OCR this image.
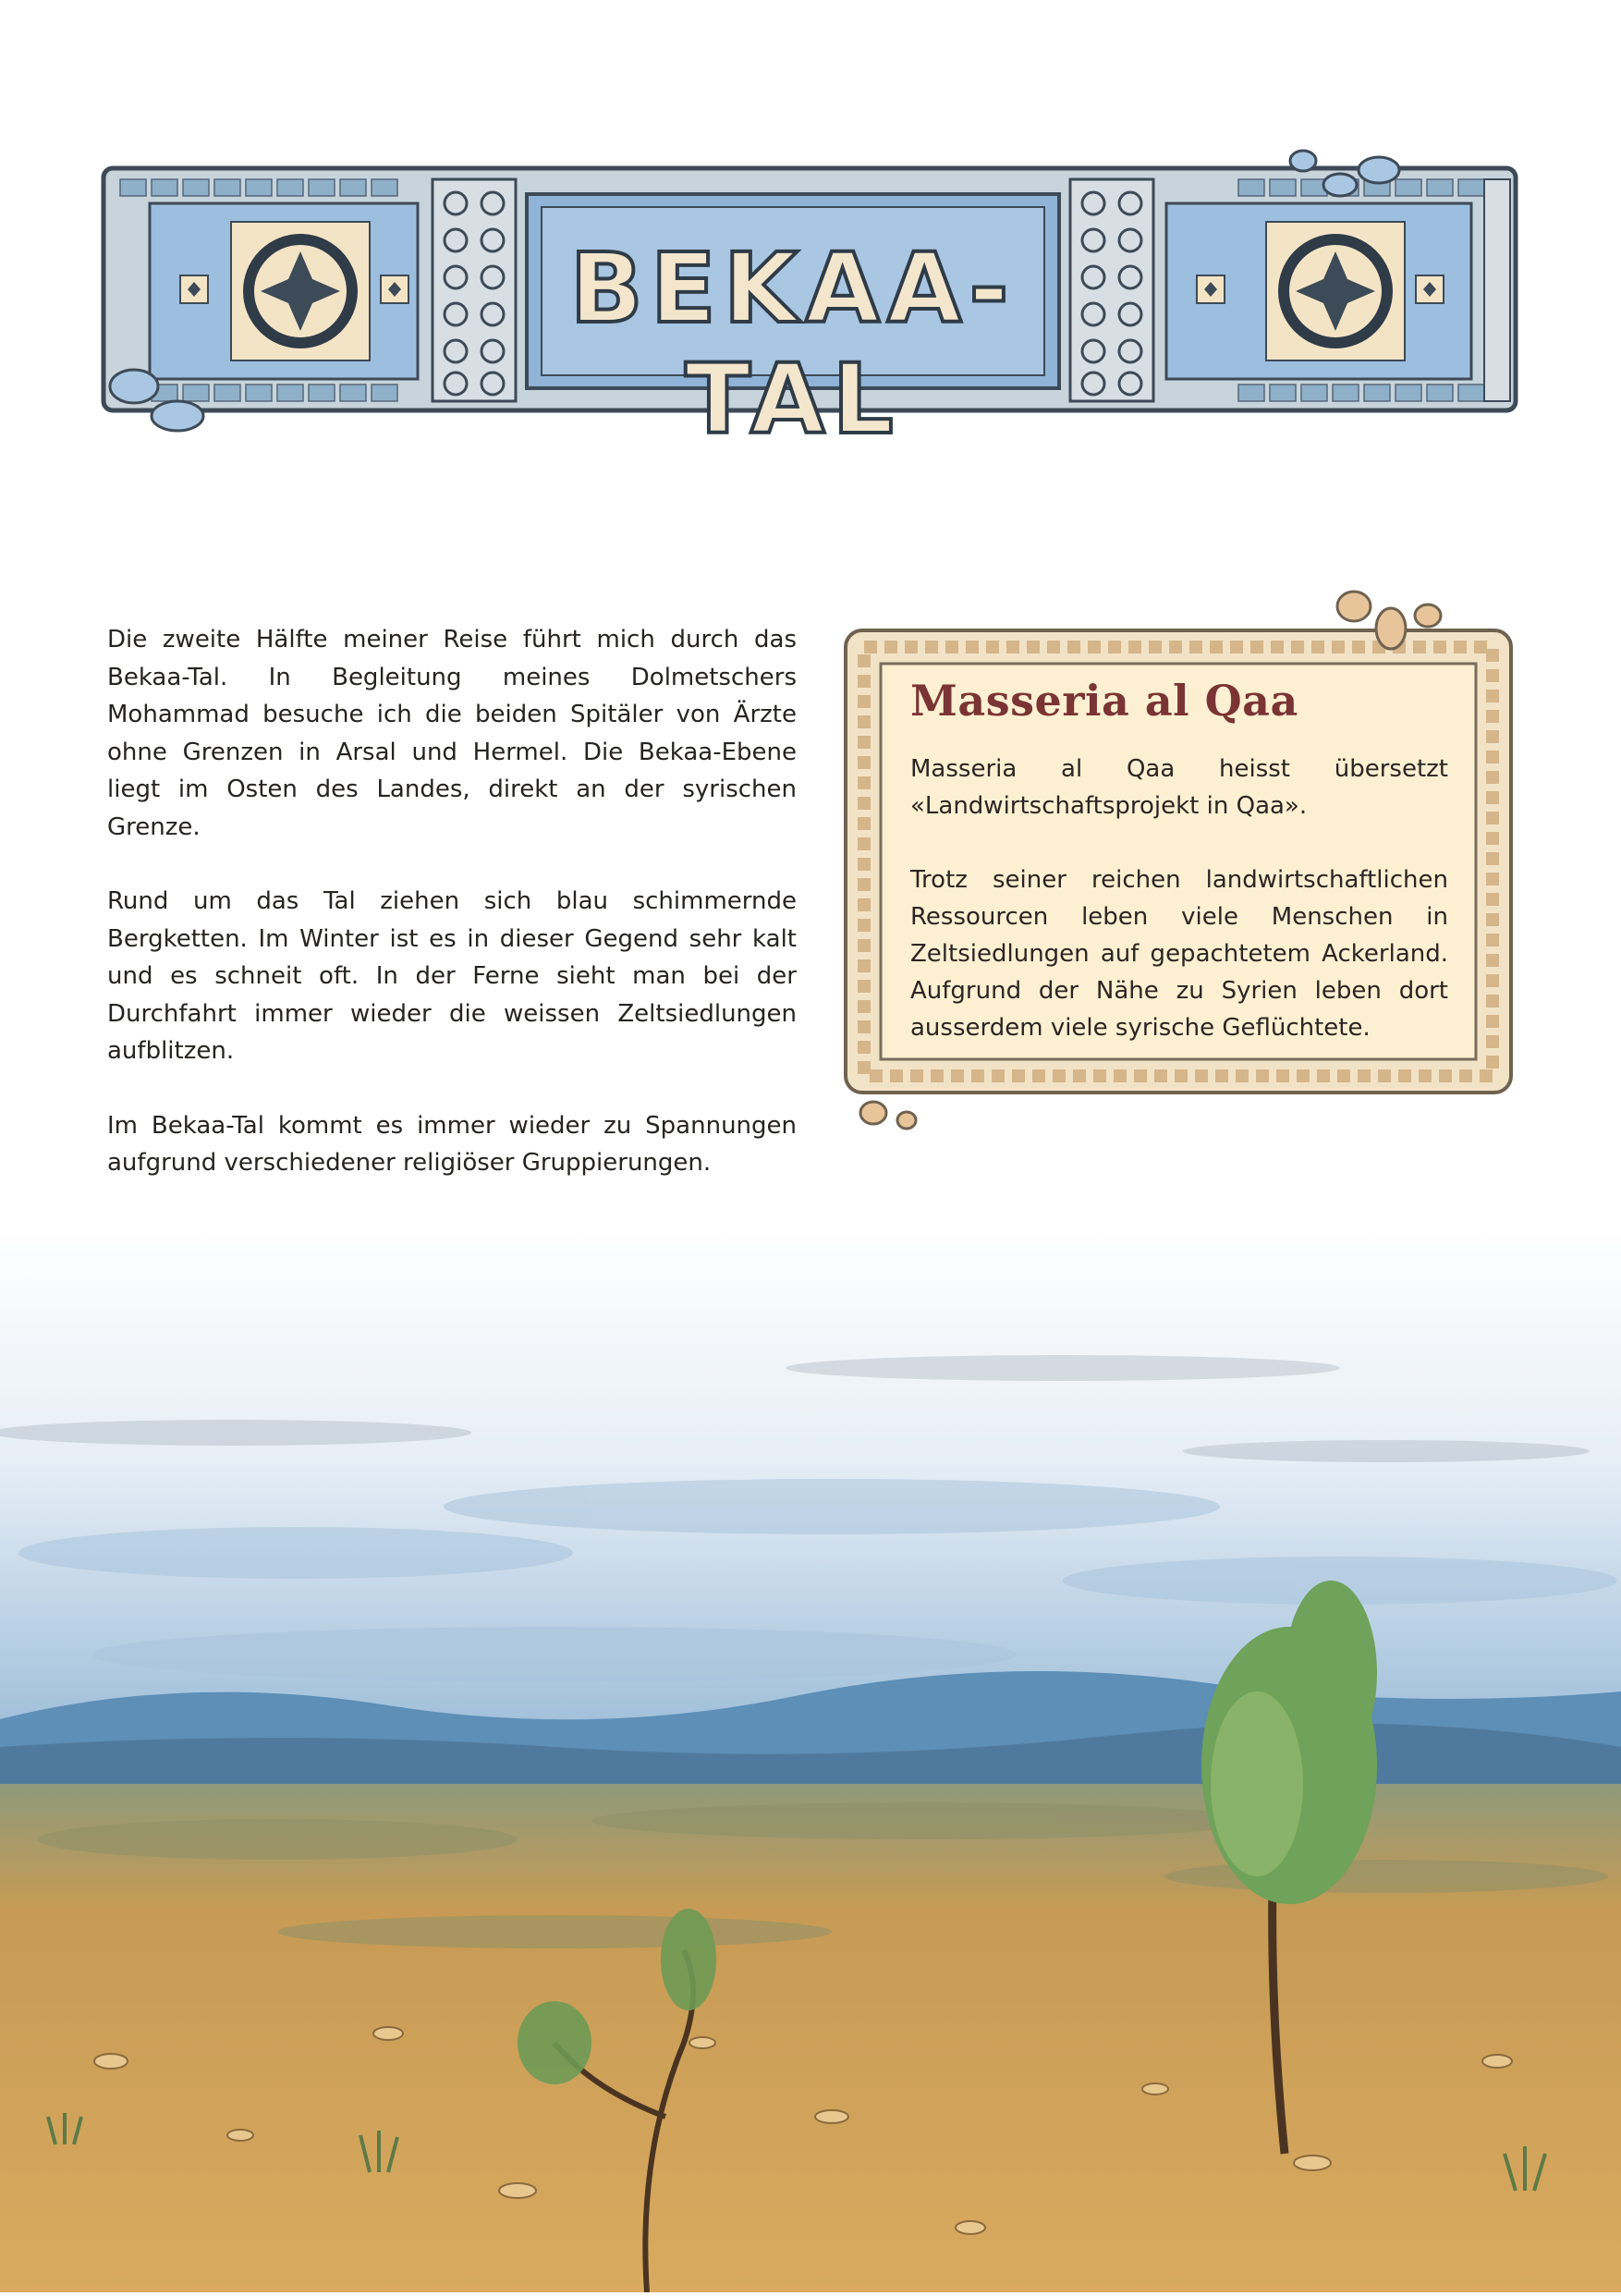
BEKAA-TAL

Die zweite Hälfte meiner Reise führt mich durch das Bekaa-Tal. In Begleitung meines Dolmetschers Mohammad besuche ich die beiden Spitäler von Ärzte ohne Grenzen in Arsal und Hermel. Die Bekaa-Ebene liegt im Osten des Landes, direkt an der syrischen Grenze.

Rund um das Tal ziehen sich blau schimmernde Bergketten. Im Winter ist es in dieser Gegend sehr kalt und es schneit oft. In der Ferne sieht man bei der Durchfahrt immer wieder die weissen Zeltsiedlungen aufblitzen.

Im Bekaa-Tal kommt es immer wieder zu Spannungen aufgrund verschiedener religiöser Gruppierungen.

Masseria al Qaa

Masseria al Qaa heisst übersetzt «Landwirtschaftsprojekt in Qaa».

Trotz seiner reichen landwirtschaftlichen Ressourcen leben viele Menschen in Zeltsiedlungen auf gepachtetem Ackerland. Aufgrund der Nähe zu Syrien leben dort ausserdem viele syrische Geflüchtete.
